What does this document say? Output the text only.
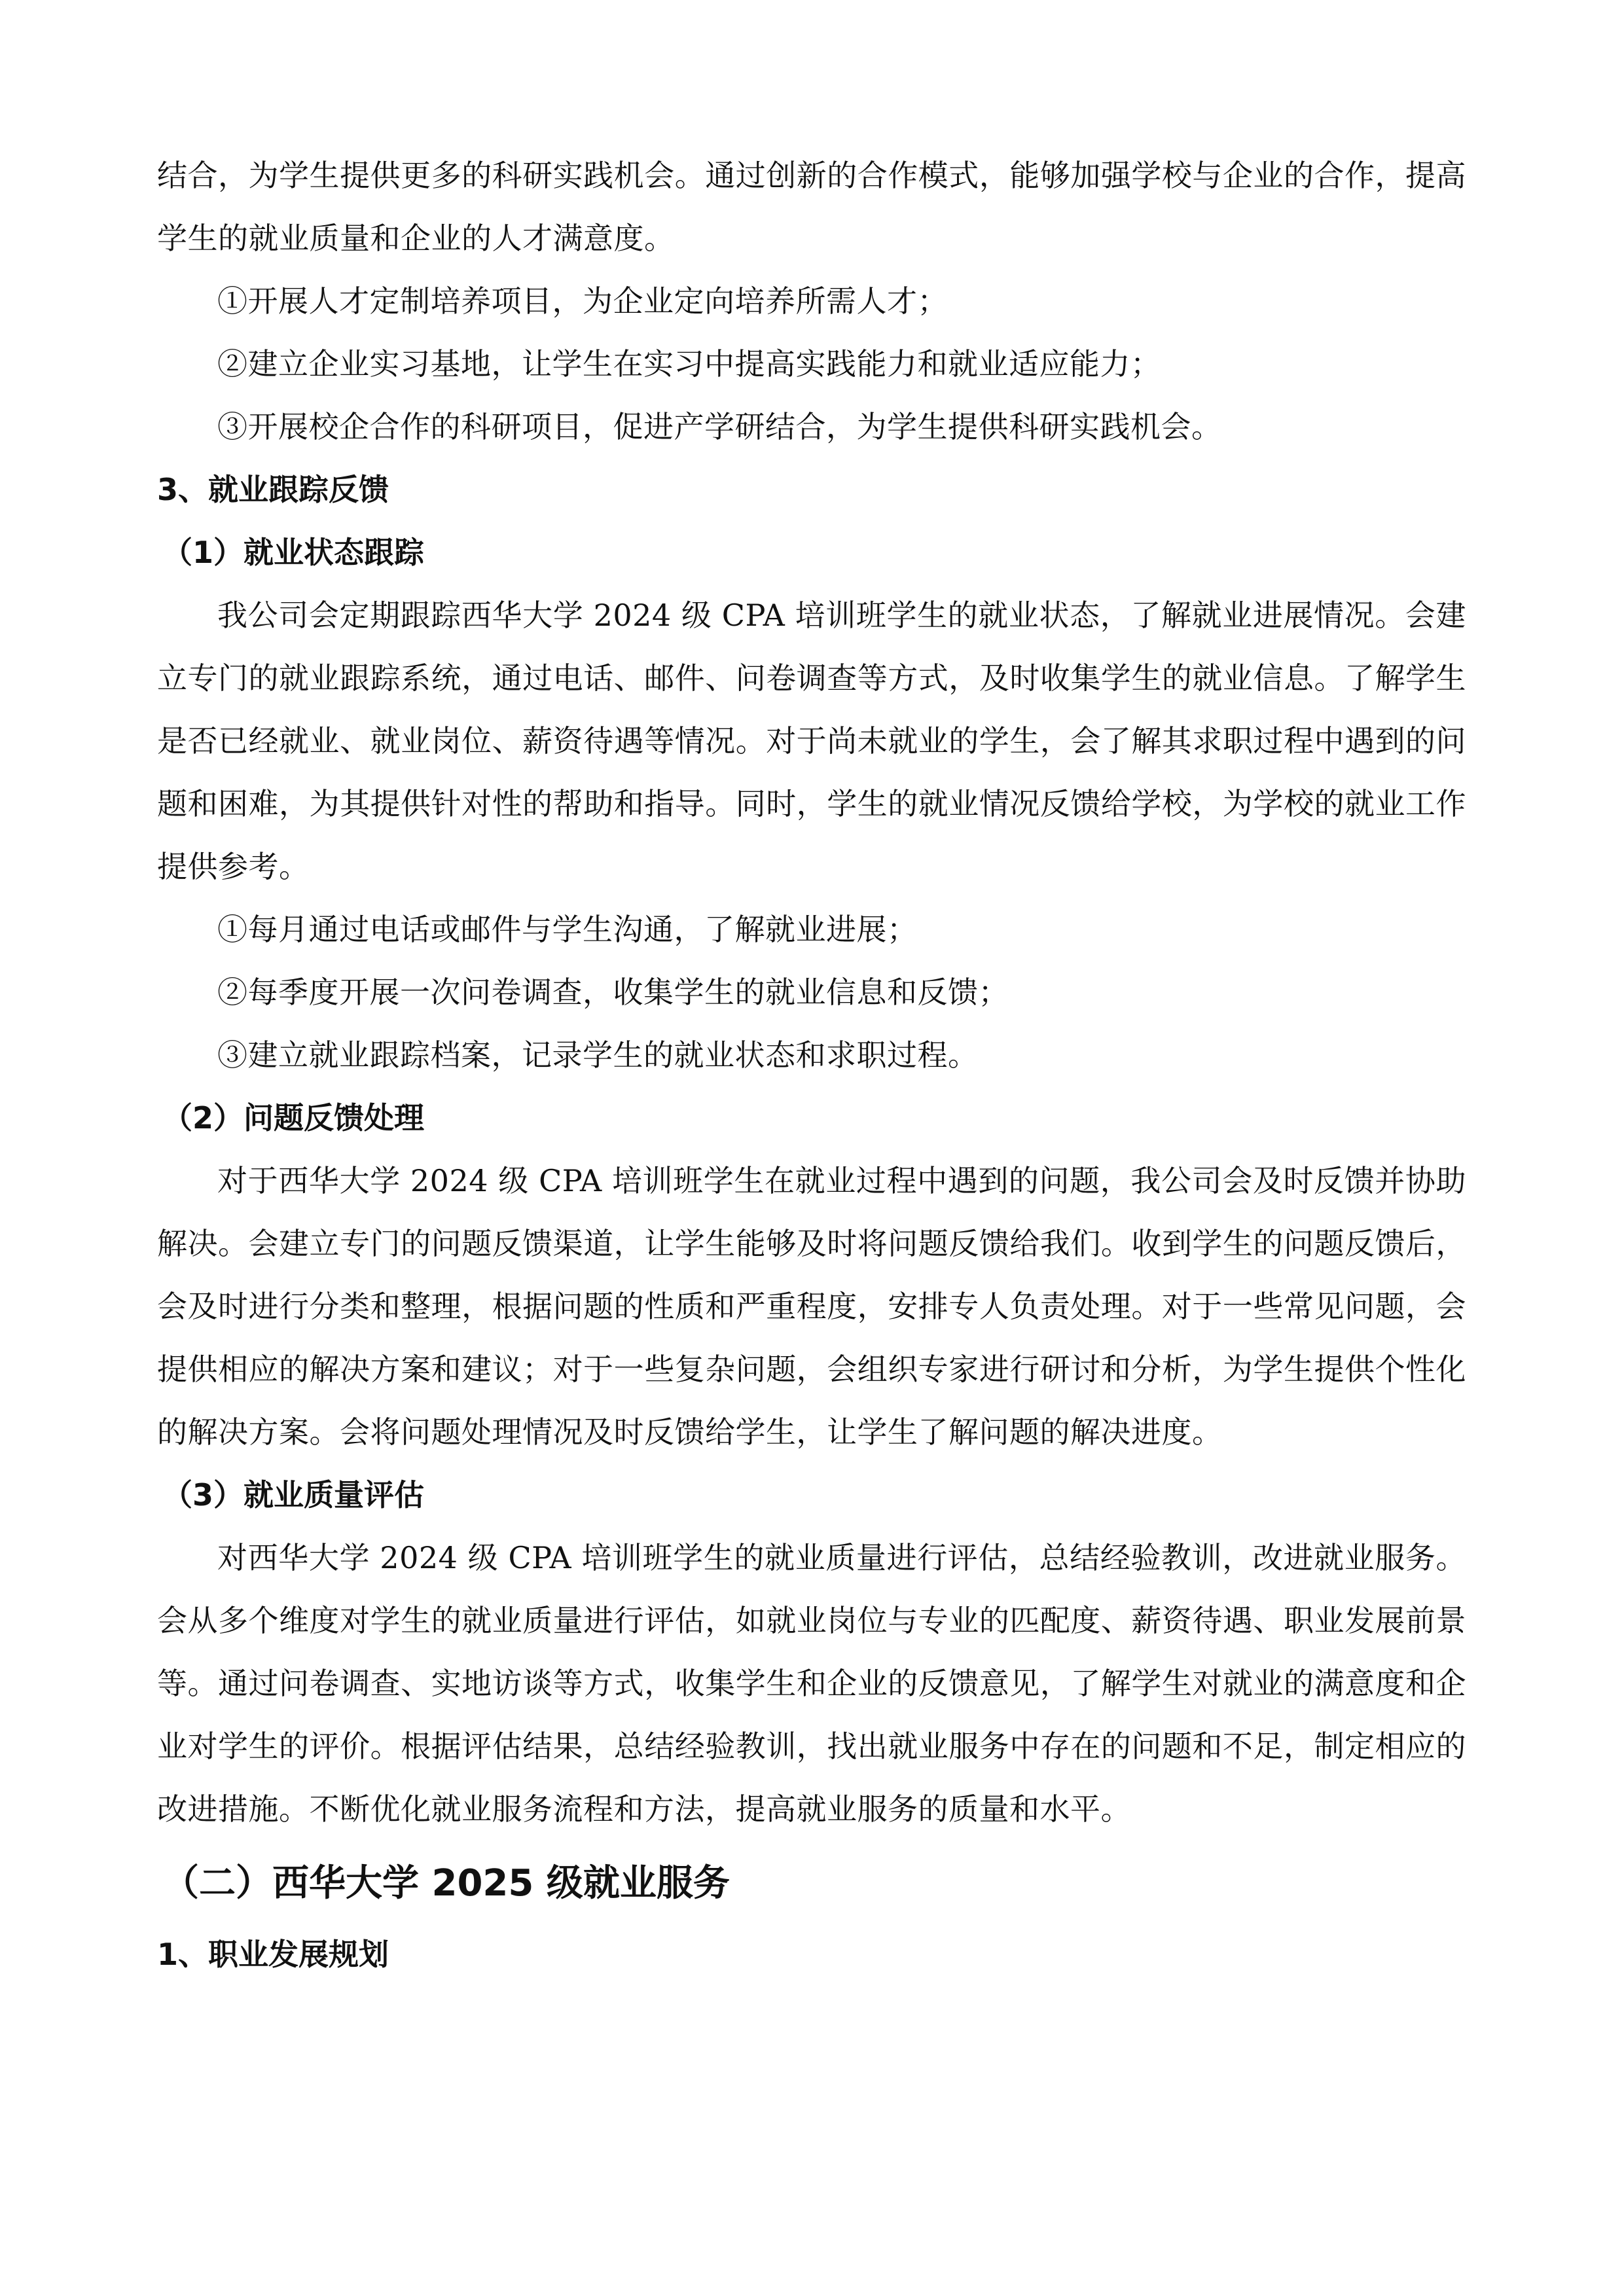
结合，为学生提供更多的科研实践机会。通过创新的合作模式，能够加强学校与企业的合作，提高学生的就业质量和企业的人才满意度。

①开展人才定制培养项目，为企业定向培养所需人才；

②建立企业实习基地，让学生在实习中提高实践能力和就业适应能力；

③开展校企合作的科研项目，促进产学研结合，为学生提供科研实践机会。

3、就业跟踪反馈

（1）就业状态跟踪

我公司会定期跟踪西华大学 2024 级 CPA 培训班学生的就业状态，了解就业进展情况。会建立专门的就业跟踪系统，通过电话、邮件、问卷调查等方式，及时收集学生的就业信息。了解学生是否已经就业、就业岗位、薪资待遇等情况。对于尚未就业的学生，会了解其求职过程中遇到的问题和困难，为其提供针对性的帮助和指导。同时，学生的就业情况反馈给学校，为学校的就业工作提供参考。

①每月通过电话或邮件与学生沟通，了解就业进展；

②每季度开展一次问卷调查，收集学生的就业信息和反馈；

③建立就业跟踪档案，记录学生的就业状态和求职过程。

（2）问题反馈处理

对于西华大学 2024 级 CPA 培训班学生在就业过程中遇到的问题，我公司会及时反馈并协助解决。会建立专门的问题反馈渠道，让学生能够及时将问题反馈给我们。收到学生的问题反馈后，会及时进行分类和整理，根据问题的性质和严重程度，安排专人负责处理。对于一些常见问题，会提供相应的解决方案和建议；对于一些复杂问题，会组织专家进行研讨和分析，为学生提供个性化的解决方案。会将问题处理情况及时反馈给学生，让学生了解问题的解决进度。

（3）就业质量评估

对西华大学 2024 级 CPA 培训班学生的就业质量进行评估，总结经验教训，改进就业服务。会从多个维度对学生的就业质量进行评估，如就业岗位与专业的匹配度、薪资待遇、职业发展前景等。通过问卷调查、实地访谈等方式，收集学生和企业的反馈意见，了解学生对就业的满意度和企业对学生的评价。根据评估结果，总结经验教训，找出就业服务中存在的问题和不足，制定相应的改进措施。不断优化就业服务流程和方法，提高就业服务的质量和水平。

（二）西华大学 2025 级就业服务

1、职业发展规划
